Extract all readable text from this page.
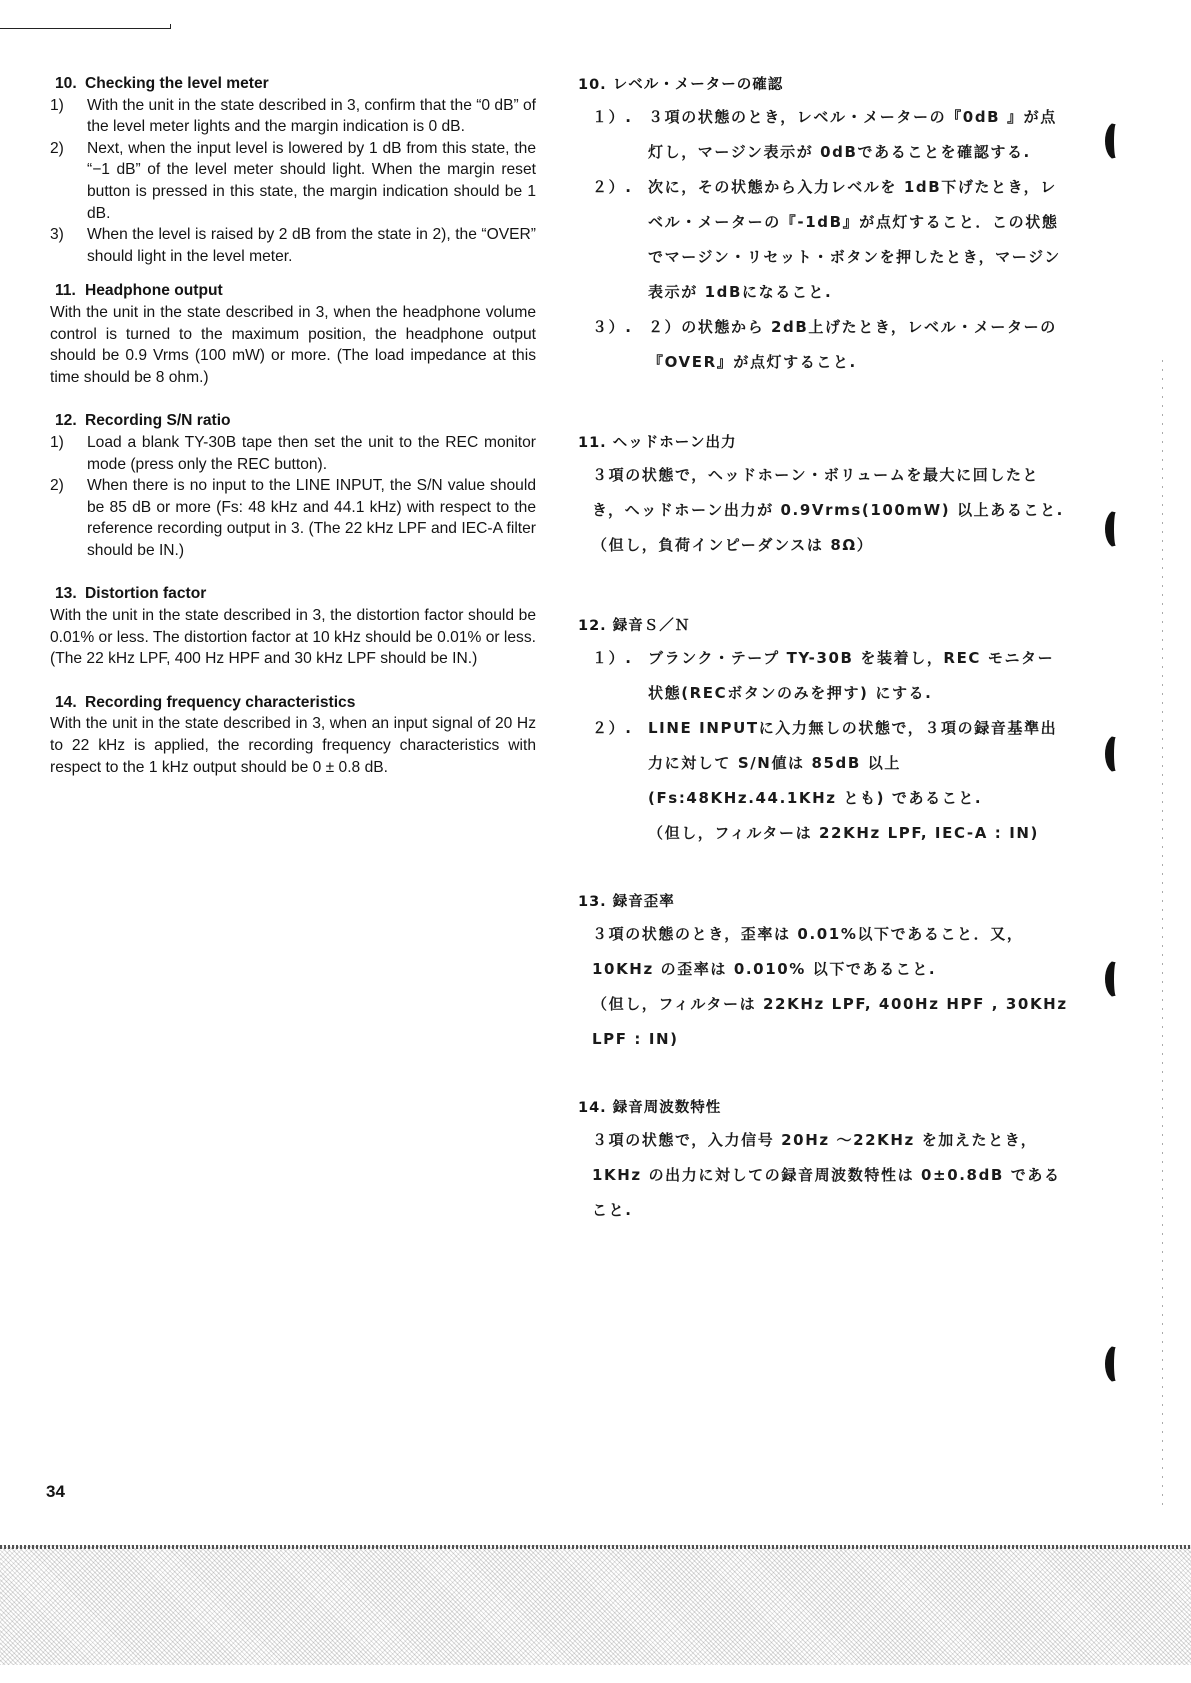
10. Checking the level meter
1)	With the unit in the state described in 3, confirm that the “0 dB” of the level meter lights and the margin indication is 0 dB.
2)	Next, when the input level is lowered by 1 dB from this state, the “−1 dB” of the level meter should light. When the margin reset button is pressed in this state, the margin indication should be 1 dB.
3)	When the level is raised by 2 dB from the state in 2), the “OVER” should light in the level meter.
11. Headphone output

With the unit in the state described in 3, when the headphone volume control is turned to the maximum position, the headphone output should be 0.9 Vrms (100 mW) or more. (The load impedance at this time should be 8 ohm.)

12. Recording S/N ratio
1)	Load a blank TY-30B tape then set the unit to the REC monitor mode (press only the REC button).
2)	When there is no input to the LINE INPUT, the S/N value should be 85 dB or more (Fs: 48 kHz and 44.1 kHz) with respect to the reference recording output in 3. (The 22 kHz LPF and IEC-A filter should be IN.)
13. Distortion factor

With the unit in the state described in 3, the distortion factor should be 0.01% or less. The distortion factor at 10 kHz should be 0.01% or less. (The 22 kHz LPF, 400 Hz HPF and 30 kHz LPF should be IN.)

14. Recording frequency characteristics

With the unit in the state described in 3, when an input signal of 20 Hz to 22 kHz is applied, the recording frequency characteristics with respect to the 1 kHz output should be 0 ± 0.8 dB.

10. レベル・メーターの確認
１）.	３項の状態のとき，レベル・メーターの『0dB 』が点灯し，マージン表示が 0dBであることを確認する.
２）.	次に，その状態から入力レベルを 1dB下げたとき，レベル・メーターの『-1dB』が点灯すること．この状態でマージン・リセット・ボタンを押したとき，マージン表示が 1dBになること.
３）.	２）の状態から 2dB上げたとき，レベル・メーターの『OVER』が点灯すること.
11. ヘッドホーン出力
３項の状態で，ヘッドホーン・ボリュームを最大に回したとき，ヘッドホーン出力が 0.9Vrms(100mW) 以上あること.
（但し，負荷インピーダンスは 8Ω）
12. 録音Ｓ／Ｎ
１）.	ブランク・テープ TY-30B を装着し，REC モニター状態(RECボタンのみを押す) にする.
２）.	LINE INPUTに入力無しの状態で，３項の録音基準出力に対して S/N値は 85dB 以上(Fs:48KHz.44.1KHz とも) であること.
（但し，フィルターは 22KHz LPF, IEC-A : IN)
13. 録音歪率
３項の状態のとき，歪率は 0.01%以下であること．又，10KHz の歪率は 0.010% 以下であること.
（但し，フィルターは 22KHz LPF, 400Hz HPF , 30KHz LPF : IN)
14. 録音周波数特性
３項の状態で，入力信号 20Hz ～22KHz を加えたとき，1KHz の出力に対しての録音周波数特性は 0±0.8dB であること.
34
